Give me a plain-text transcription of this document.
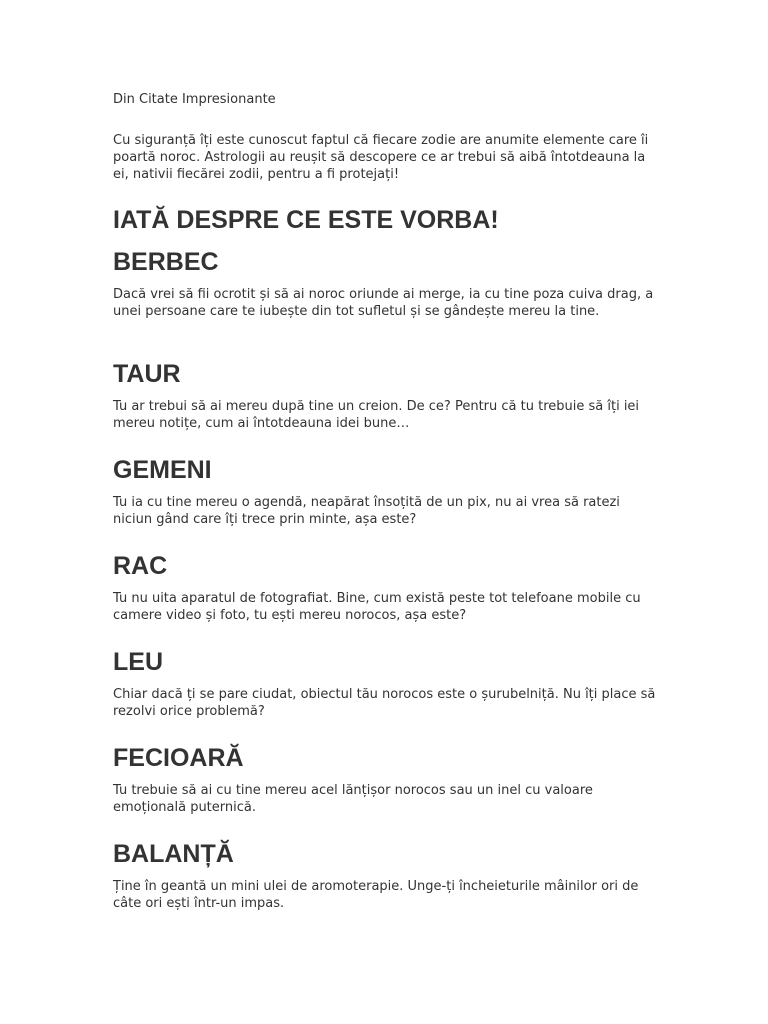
Din Citate Impresionante

Cu siguranță îți este cunoscut faptul că fiecare zodie are anumite elemente care îi poartă noroc. Astrologii au reușit să descopere ce ar trebui să aibă întotdeauna la ei, nativii fiecărei zodii, pentru a fi protejați!

IATĂ DESPRE CE ESTE VORBA!
BERBEC

Dacă vrei să fii ocrotit și să ai noroc oriunde ai merge, ia cu tine poza cuiva drag, a unei persoane care te iubește din tot sufletul și se gândește mereu la tine.

TAUR

Tu ar trebui să ai mereu după tine un creion. De ce? Pentru că tu trebuie să îți iei mereu notițe, cum ai întotdeauna idei bune…

GEMENI

Tu ia cu tine mereu o agendă, neapărat însoțită de un pix, nu ai vrea să ratezi niciun gând care îți trece prin minte, așa este?

RAC

Tu nu uita aparatul de fotografiat. Bine, cum există peste tot telefoane mobile cu camere video și foto, tu ești mereu norocos, așa este?

LEU

Chiar dacă ți se pare ciudat, obiectul tău norocos este o șurubelniță. Nu îți place să rezolvi orice problemă?

FECIOARĂ

Tu trebuie să ai cu tine mereu acel lănțișor norocos sau un inel cu valoare emoțională puternică.

BALANȚĂ

Ține în geantă un mini ulei de aromoterapie. Unge-ți încheieturile mâinilor ori de câte ori ești într-un impas.
